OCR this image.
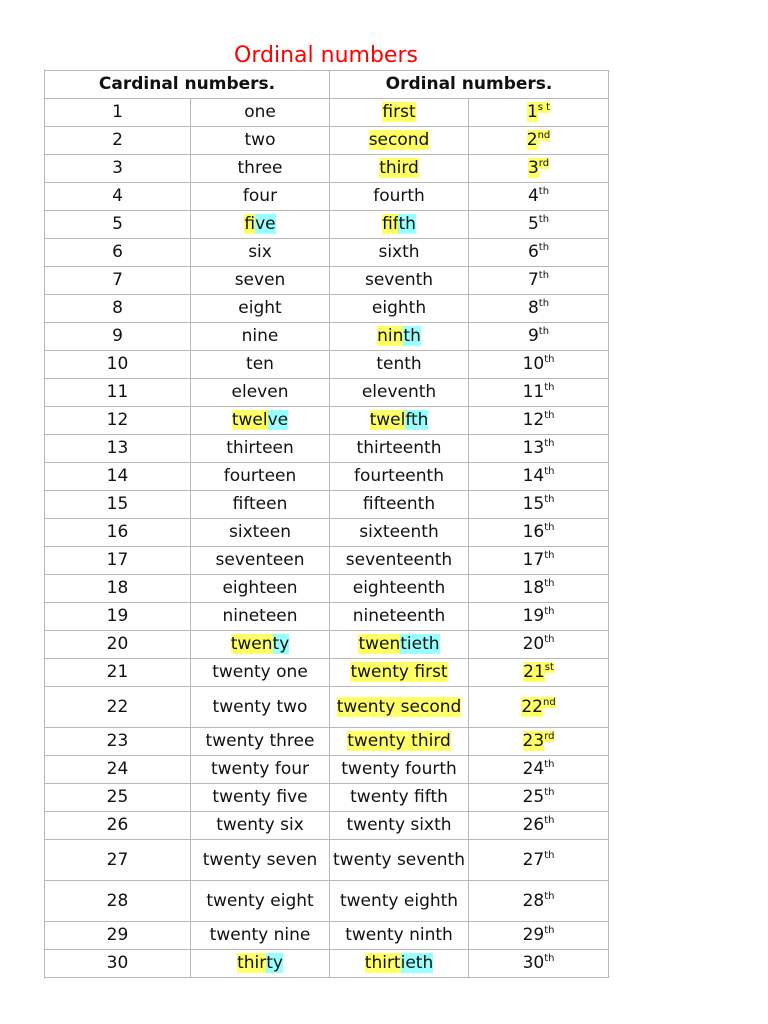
Ordinal numbers
Cardinal numbers.		Ordinal numbers.	
1	one	first	$1^{s t}$
2	two	second	2nd
3	three	third	3rd
4	four	fourth	4th
5	five	fifth	5th
6	six	sixth	6th
7	seven	seventh	7th
8	eight	eighth	8th
9	nine	ninth	9th
10	ten	tenth	10th
11	eleven	eleventh	11th
12	twelve	twelfth	12th
13	thirteen	thirteenth	13th
14	fourteen	fourteenth	14th
15	fifteen	fifteenth	15th
16	sixteen	sixteenth	16th
17	seventeen	seventeenth	17th
18	eighteen	eighteenth	18th
19	nineteen	nineteenth	19th
20	twenty	twentieth	20th
21	twenty one	twenty first	21st
22	twenty two	twenty second	22nd
23	twenty three	twenty third	23rd
24	twenty four	twenty fourth	24th
25	twenty five	twenty fifth	25th
26	twenty six	twenty sixth	26th
27	twenty seven	twenty seventh	27th
28	twenty eight	twenty eighth	28th
29	twenty nine	twenty ninth	29th
30	thirty	thirtieth	30th
